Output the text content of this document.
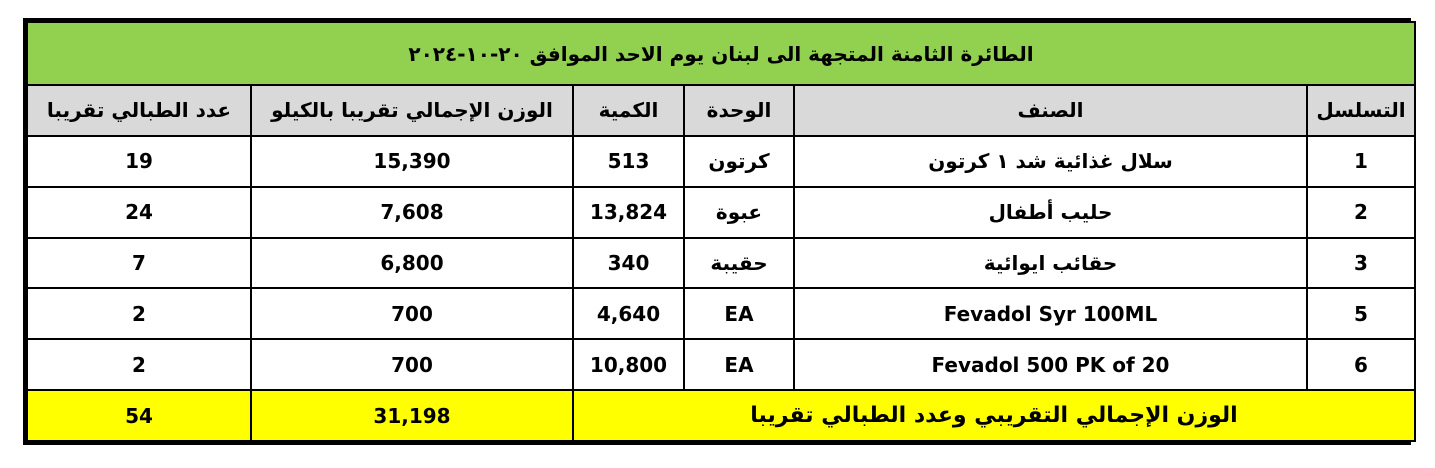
الطائرة الثامنة المتجهة الى لبنان يوم الاحد الموافق ٢٠-١٠-٢٠٢٤					
التسلسل	الصنف	الوحدة	الكمية	الوزن الإجمالي تقريبا بالكيلو	عدد الطبالي تقريبا
1	سلال غذائية شد ١ كرتون	كرتون	513	15,390	19
2	حليب أطفال	عبوة	13,824	7,608	24
3	حقائب ايوائية	حقيبة	340	6,800	7
5	Fevadol Syr 100ML	EA	4,640	700	2
6	Fevadol 500 PK of 20	EA	10,800	700	2
الوزن الإجمالي التقريبي وعدد الطبالي تقريبا				31,198	54
